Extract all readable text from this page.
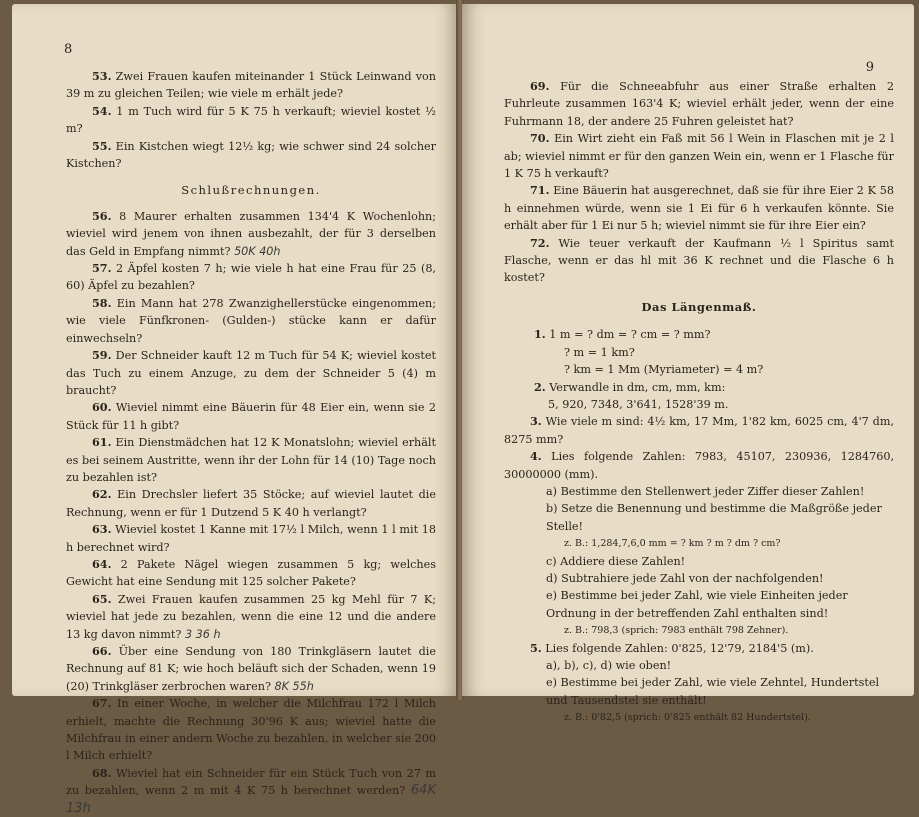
8

53. Zwei Frauen kaufen miteinander 1 Stück Leinwand von 39 m zu gleichen Teilen; wie viele m erhält jede?

54. 1 m Tuch wird für 5 K 75 h verkauft; wieviel kostet ½ m?

55. Ein Kistchen wiegt 12½ kg; wie schwer sind 24 solcher Kistchen?

Schlußrechnungen.

56. 8 Maurer erhalten zusammen 134'4 K Wochenlohn; wieviel wird jenem von ihnen ausbezahlt, der für 3 derselben das Geld in Empfang nimmt? 50K 40h

57. 2 Äpfel kosten 7 h; wie viele h hat eine Frau für 25 (8, 60) Äpfel zu bezahlen?

58. Ein Mann hat 278 Zwanzighellerstücke eingenommen; wie viele Fünfkronen- (Gulden-) stücke kann er dafür einwechseln?

59. Der Schneider kauft 12 m Tuch für 54 K; wieviel kostet das Tuch zu einem Anzuge, zu dem der Schneider 5 (4) m braucht?

60. Wieviel nimmt eine Bäuerin für 48 Eier ein, wenn sie 2 Stück für 11 h gibt?

61. Ein Dienstmädchen hat 12 K Monatslohn; wieviel erhält es bei seinem Austritte, wenn ihr der Lohn für 14 (10) Tage noch zu bezahlen ist?

62. Ein Drechsler liefert 35 Stöcke; auf wieviel lautet die Rechnung, wenn er für 1 Dutzend 5 K 40 h verlangt?

63. Wieviel kostet 1 Kanne mit 17½ l Milch, wenn 1 l mit 18 h berechnet wird?

64. 2 Pakete Nägel wiegen zusammen 5 kg; welches Gewicht hat eine Sendung mit 125 solcher Pakete?

65. Zwei Frauen kaufen zusammen 25 kg Mehl für 7 K; wieviel hat jede zu bezahlen, wenn die eine 12 und die andere 13 kg davon nimmt? 3 36 h

66. Über eine Sendung von 180 Trinkgläsern lautet die Rechnung auf 81 K; wie hoch beläuft sich der Schaden, wenn 19 (20) Trinkgläser zerbrochen waren? 8K 55h

67. In einer Woche, in welcher die Milchfrau 172 l Milch erhielt, machte die Rechnung 30'96 K aus; wieviel hatte die Milchfrau in einer andern Woche zu bezahlen, in welcher sie 200 l Milch erhielt?

68. Wieviel hat ein Schneider für ein Stück Tuch von 27 m zu bezahlen, wenn 2 m mit 4 K 75 h berechnet werden? 64K 13h

9

69. Für die Schneeabfuhr aus einer Straße erhalten 2 Fuhrleute zusammen 163'4 K; wieviel erhält jeder, wenn der eine Fuhrmann 18, der andere 25 Fuhren geleistet hat?

70. Ein Wirt zieht ein Faß mit 56 l Wein in Flaschen mit je 2 l ab; wieviel nimmt er für den ganzen Wein ein, wenn er 1 Flasche für 1 K 75 h verkauft?

71. Eine Bäuerin hat ausgerechnet, daß sie für ihre Eier 2 K 58 h einnehmen würde, wenn sie 1 Ei für 6 h verkaufen könnte. Sie erhält aber für 1 Ei nur 5 h; wieviel nimmt sie für ihre Eier ein?

72. Wie teuer verkauft der Kaufmann ½ l Spiritus samt Flasche, wenn er das hl mit 36 K rechnet und die Flasche 6 h kostet?

Das Längenmaß.

1. 1 m = ? dm = ? cm = ? mm?

? m = 1 km?

? km = 1 Mm (Myriameter) = 4 m?

2. Verwandle in dm, cm, mm, km:

5, 920, 7348, 3'641, 1528'39 m.

3. Wie viele m sind: 4½ km, 17 Mm, 1'82 km, 6025 cm, 4'7 dm, 8275 mm?

4. Lies folgende Zahlen: 7983, 45107, 230936, 1284760, 30000000 (mm).

a) Bestimme den Stellenwert jeder Ziffer dieser Zahlen!

b) Setze die Benennung und bestimme die Maßgröße jeder Stelle!

z. B.: 1,284,7,6,0 mm = ? km ? m ? dm ? cm?

c) Addiere diese Zahlen!

d) Subtrahiere jede Zahl von der nachfolgenden!

e) Bestimme bei jeder Zahl, wie viele Einheiten jeder Ordnung in der betreffenden Zahl enthalten sind!

z. B.: 798,3 (sprich: 7983 enthält 798 Zehner).

5. Lies folgende Zahlen: 0'825, 12'79, 2184'5 (m).

a), b), c), d) wie oben!

e) Bestimme bei jeder Zahl, wie viele Zehntel, Hundertstel und Tausendstel sie enthält!

z. B.: 0'82,5 (sprich: 0'825 enthält 82 Hundertstel).
